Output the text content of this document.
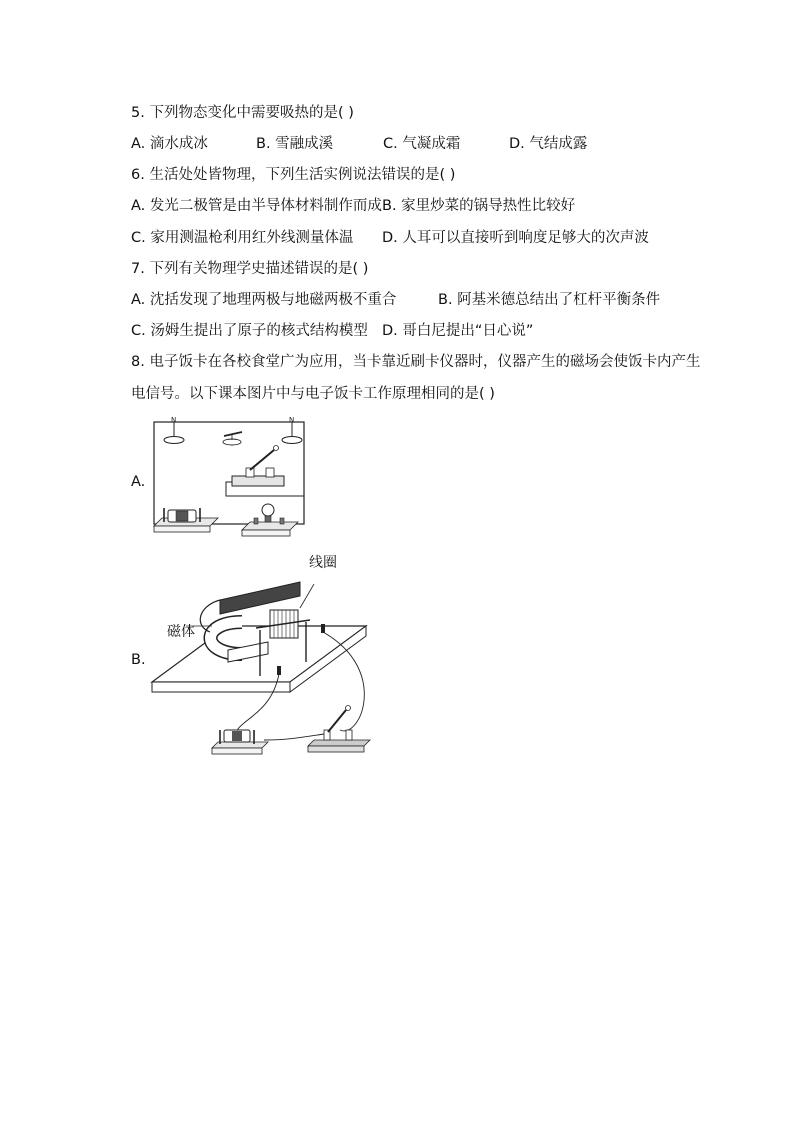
5. 下列物态变化中需要吸热的是( )
A. 滴水成冰	B. 雪融成溪	C. 气凝成霜	D. 气结成露
6. 生活处处皆物理，下列生活实例说法错误的是( )
A. 发光二极管是由半导体材料制作而成 B. 家里炒菜的锅导热性比较好
C. 家用测温枪利用红外线测量体温 D. 人耳可以直接听到响度足够大的次声波
7. 下列有关物理学史描述错误的是( )
A. 沈括发现了地理两极与地磁两极不重合	B. 阿基米德总结出了杠杆平衡条件
C. 汤姆生提出了原子的核式结构模型 D. 哥白尼提出“日心说”
8. 电子饭卡在各校食堂广为应用，当卡靠近刷卡仪器时，仪器产生的磁场会使饭卡内产生
电信号。以下课本图片中与电子饭卡工作原理相同的是( )
A.
N	N
B.
线圈
磁体
